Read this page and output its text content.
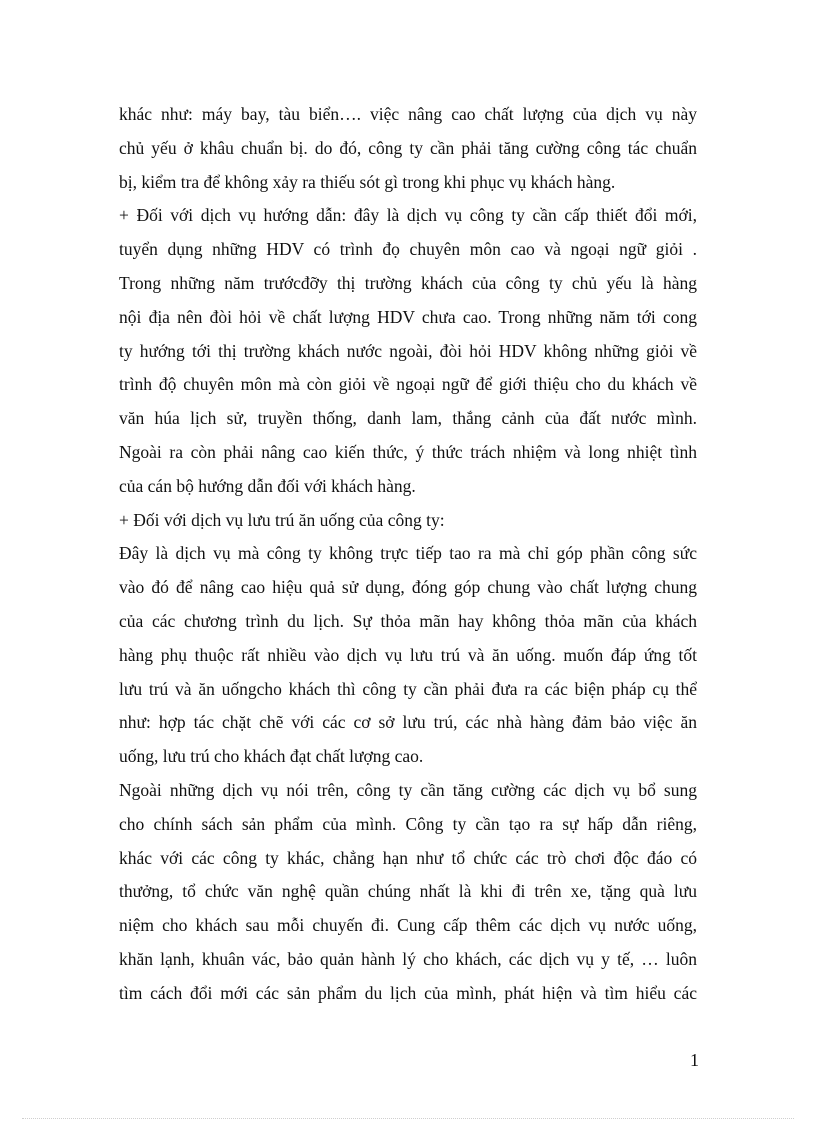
khác như: máy bay, tàu biển…. việc nâng cao chất lượng của dịch vụ này
chủ yếu ở khâu chuẩn bị. do đó, công ty cần phải tăng cường công tác chuẩn
bị, kiểm tra để không xảy ra thiếu sót gì trong khi phục vụ khách hàng.
+ Đối với dịch vụ hướng dẫn: đây là dịch vụ công ty cần cấp thiết đổi mới,
tuyển dụng những HDV có trình đọ chuyên môn cao và ngoại ngữ giỏi .
Trong những năm trướcđỡy thị trường khách của công ty chủ yếu là hàng
nội địa nên đòi hỏi về chất lượng HDV chưa cao. Trong những năm tới cong
ty hướng tới thị trường khách nước ngoài, đòi hỏi HDV không những giỏi về
trình độ chuyên môn mà còn giỏi về ngoại ngữ để giới thiệu cho du khách về
văn húa lịch sử, truyền thống, danh lam, thắng cảnh của đất nước mình.
Ngoài ra còn phải nâng cao kiến thức, ý thức trách nhiệm và long nhiệt tình
của cán bộ hướng dẫn đối với khách hàng.
+ Đối với dịch vụ lưu trú ăn uống của công ty:
Đây là dịch vụ mà công ty không trực tiếp tao ra mà chỉ góp phần công sức
vào đó để nâng cao hiệu quả sử dụng, đóng góp chung vào chất lượng chung
của các chương trình du lịch. Sự thỏa mãn hay không thỏa mãn của khách
hàng phụ thuộc rất nhiều vào dịch vụ lưu trú và ăn uống. muốn đáp ứng tốt
lưu trú và ăn uốngcho khách thì công ty cần phải đưa ra các biện pháp cụ thể
như: hợp tác chặt chẽ với các cơ sở lưu trú, các nhà hàng đảm bảo việc ăn
uống, lưu trú cho khách đạt chất lượng cao.
Ngoài những dịch vụ nói trên, công ty cần tăng cường các dịch vụ bổ sung
cho chính sách sản phẩm của mình. Công ty cần tạo ra sự hấp dẫn riêng,
khác với các công ty khác, chẳng hạn như tổ chức các trò chơi độc đáo có
thưởng, tổ chức văn nghệ quần chúng nhất là khi đi trên xe, tặng quà lưu
niệm cho khách sau mỗi chuyến đi. Cung cấp thêm các dịch vụ nước uống,
khăn lạnh, khuân vác, bảo quản hành lý cho khách, các dịch vụ y tế, … luôn
tìm cách đổi mới các sản phẩm du lịch của mình, phát hiện và tìm hiểu các
1
